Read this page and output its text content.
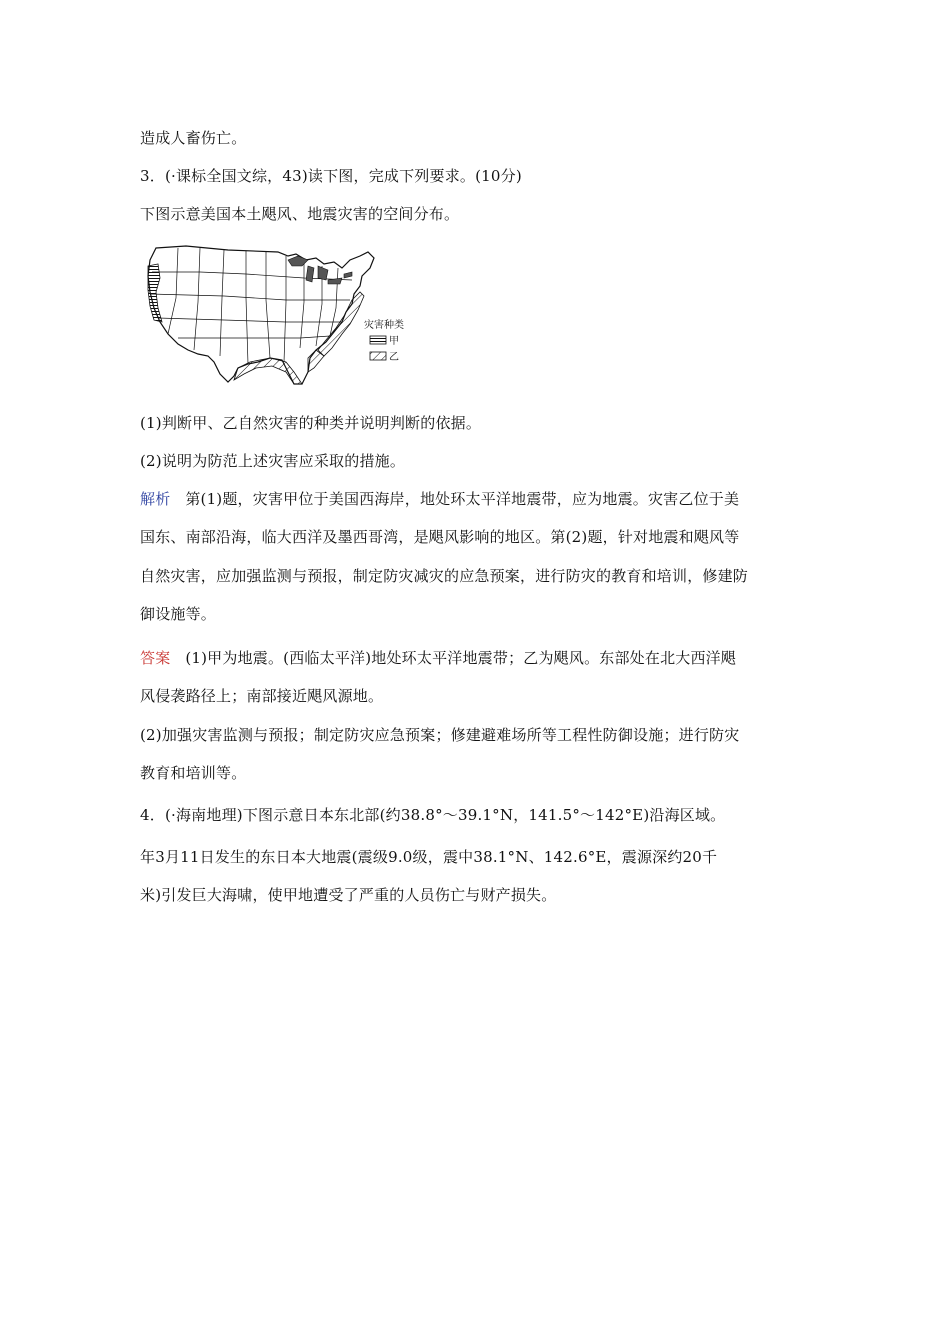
造成人畜伤亡。
3．(·课标全国文综，43)读下图，完成下列要求。(10分)
下图示意美国本土飓风、地震灾害的空间分布。
灾害种类
甲
乙
(1)判断甲、乙自然灾害的种类并说明判断的依据。
(2)说明为防范上述灾害应采取的措施。
解析 第(1)题，灾害甲位于美国西海岸，地处环太平洋地震带，应为地震。灾害乙位于美
国东、南部沿海，临大西洋及墨西哥湾，是飓风影响的地区。第(2)题，针对地震和飓风等
自然灾害，应加强监测与预报，制定防灾减灾的应急预案，进行防灾的教育和培训，修建防
御设施等。
答案 (1)甲为地震。(西临太平洋)地处环太平洋地震带；乙为飓风。东部处在北大西洋飓
风侵袭路径上；南部接近飓风源地。
(2)加强灾害监测与预报；制定防灾应急预案；修建避难场所等工程性防御设施；进行防灾
教育和培训等。
4．(·海南地理)下图示意日本东北部(约38.8°～39.1°N，141.5°～142°E)沿海区域。
年3月11日发生的东日本大地震(震级9.0级，震中38.1°N、142.6°E，震源深约20千
米)引发巨大海啸，使甲地遭受了严重的人员伤亡与财产损失。
